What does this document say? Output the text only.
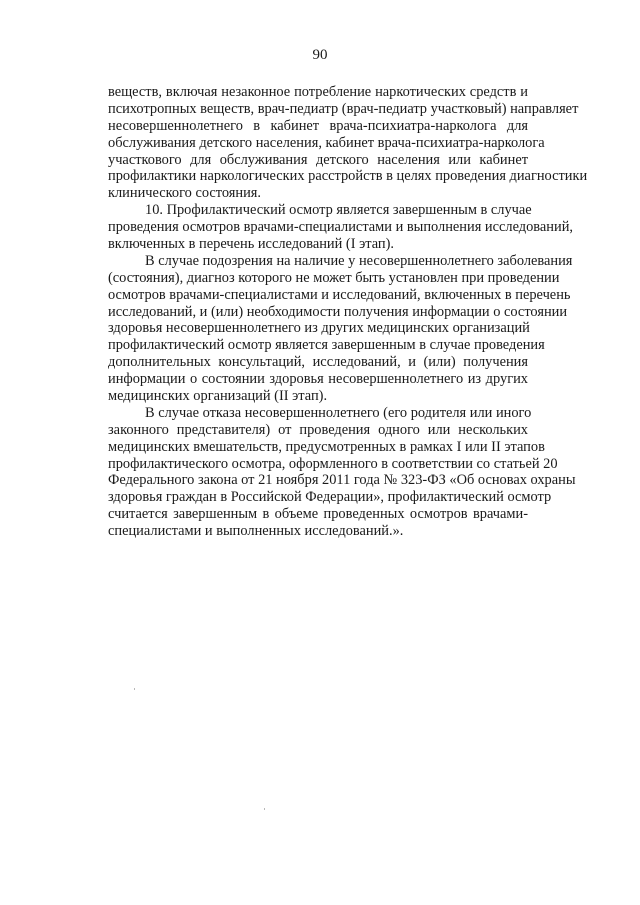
90
веществ, включая незаконное потребление наркотических средств и
психотропных веществ, врач-педиатр (врач-педиатр участковый) направляет
несовершеннолетнего в кабинет врача-психиатра-нарколога для
обслуживания детского населения, кабинет врача-психиатра-нарколога
участкового для обслуживания детского населения или кабинет
профилактики наркологических расстройств в целях проведения диагностики
клинического состояния.
10. Профилактический осмотр является завершенным в случае
проведения осмотров врачами-специалистами и выполнения исследований,
включенных в перечень исследований (I этап).
В случае подозрения на наличие у несовершеннолетнего заболевания
(состояния), диагноз которого не может быть установлен при проведении
осмотров врачами-специалистами и исследований, включенных в перечень
исследований, и (или) необходимости получения информации о состоянии
здоровья несовершеннолетнего из других медицинских организаций
профилактический осмотр является завершенным в случае проведения
дополнительных консультаций, исследований, и (или) получения
информации о состоянии здоровья несовершеннолетнего из других
медицинских организаций (II этап).
В случае отказа несовершеннолетнего (его родителя или иного
законного представителя) от проведения одного или нескольких
медицинских вмешательств, предусмотренных в рамках I или II этапов
профилактического осмотра, оформленного в соответствии со статьей 20
Федерального закона от 21 ноября 2011 года № 323-ФЗ «Об основах охраны
здоровья граждан в Российской Федерации», профилактический осмотр
считается завершенным в объеме проведенных осмотров врачами-
специалистами и выполненных исследований.».
